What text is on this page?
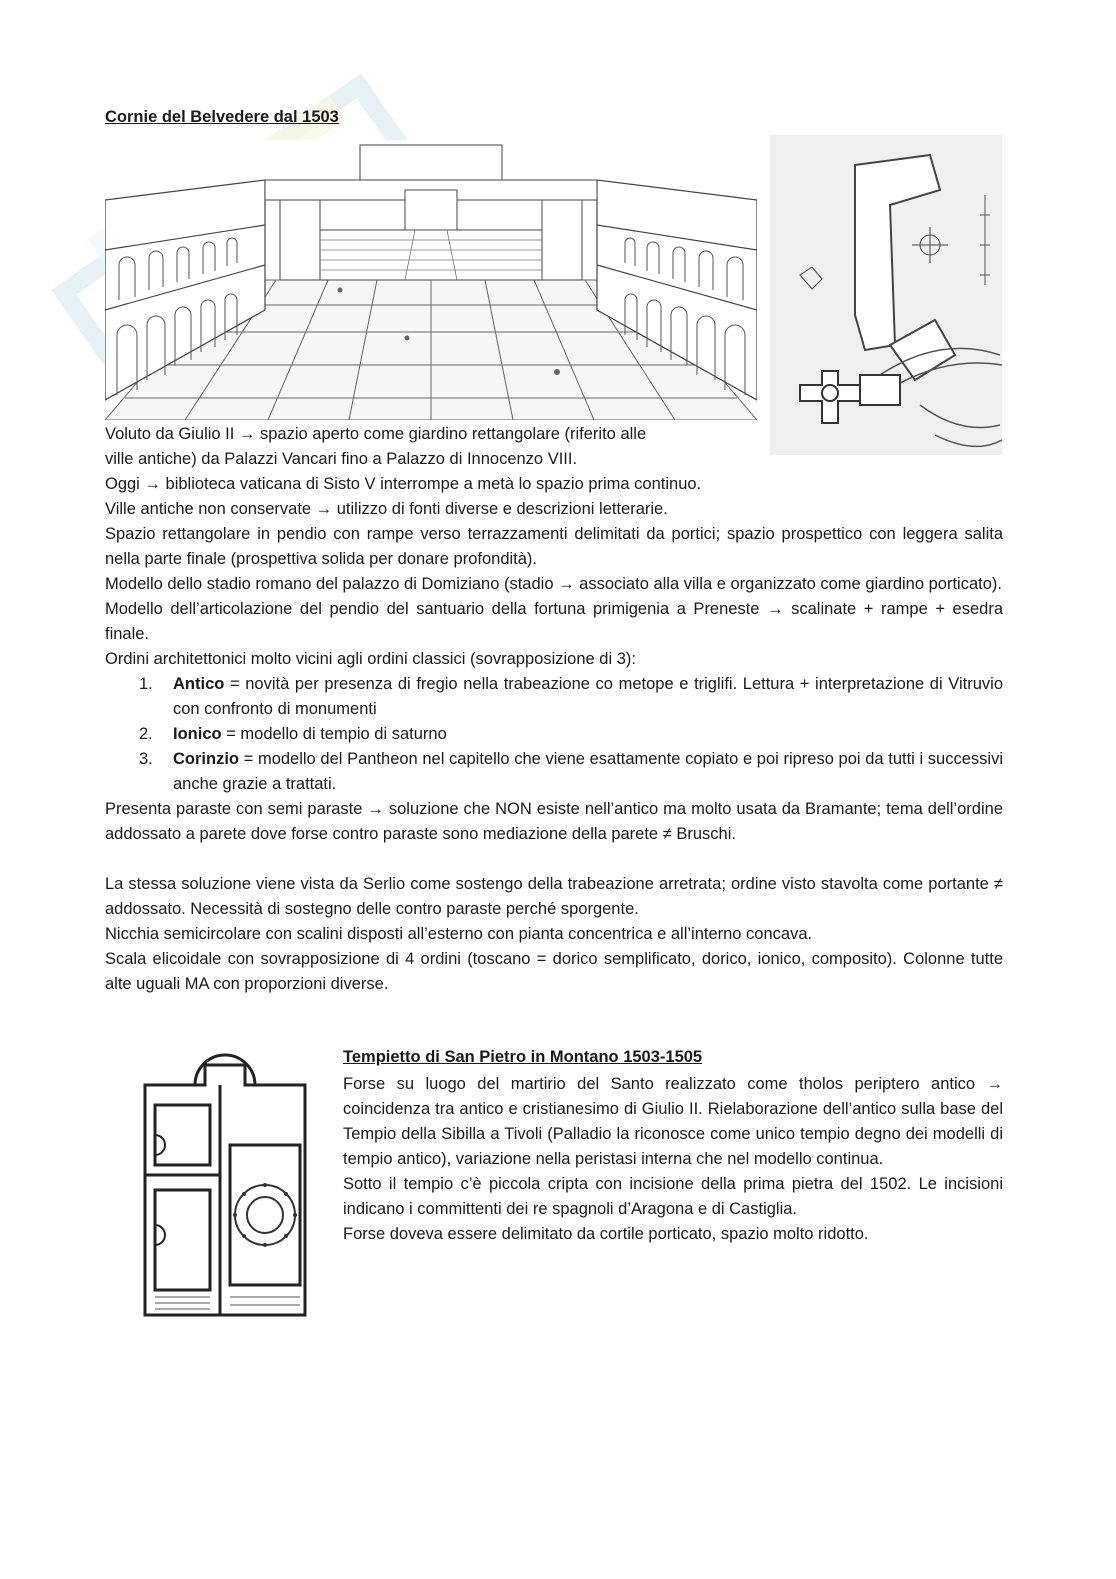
Cornie del Belvedere dal 1503
Voluto da Giulio II → spazio aperto come giardino rettangolare (riferito alle
ville antiche) da Palazzi Vancari fino a Palazzo di Innocenzo VIII.

Oggi → biblioteca vaticana di Sisto V interrompe a metà lo spazio prima continuo.

Ville antiche non conservate → utilizzo di fonti diverse e descrizioni letterarie.

Spazio rettangolare in pendio con rampe verso terrazzamenti delimitati da portici; spazio prospettico con leggera salita nella parte finale (prospettiva solida per donare profondità).

Modello dello stadio romano del palazzo di Domiziano (stadio → associato alla villa e organizzato come giardino porticato).

Modello dell’articolazione del pendio del santuario della fortuna primigenia a Preneste → scalinate + rampe + esedra finale.

Ordini architettonici molto vicini agli ordini classici (sovrapposizione di 3):

1. Antico = novità per presenza di fregio nella trabeazione co metope e triglifi. Lettura + interpretazione di Vitruvio con confronto di monumenti
2. Ionico = modello di tempio di saturno
3. Corinzio = modello del Pantheon nel capitello che viene esattamente copiato e poi ripreso poi da tutti i successivi anche grazie a trattati.

Presenta paraste con semi paraste → soluzione che NON esiste nell’antico ma molto usata da Bramante; tema dell’ordine addossato a parete dove forse contro paraste sono mediazione della parete ≠ Bruschi.

La stessa soluzione viene vista da Serlio come sostengo della trabeazione arretrata; ordine visto stavolta come portante ≠ addossato. Necessità di sostegno delle contro paraste perché sporgente.

Nicchia semicircolare con scalini disposti all’esterno con pianta concentrica e all’interno concava.

Scala elicoidale con sovrapposizione di 4 ordini (toscano = dorico semplificato, dorico, ionico, composito). Colonne tutte alte uguali MA con proporzioni diverse.

Tempietto di San Pietro in Montano 1503-1505

Forse su luogo del martirio del Santo realizzato come tholos periptero antico → coincidenza tra antico e cristianesimo di Giulio II. Rielaborazione dell’antico sulla base del Tempio della Sibilla a Tivoli (Palladio la riconosce come unico tempio degno dei modelli di tempio antico), variazione nella peristasi interna che nel modello continua.

Sotto il tempio c’è piccola cripta con incisione della prima pietra del 1502. Le incisioni indicano i committenti dei re spagnoli d’Aragona e di Castiglia.

Forse doveva essere delimitato da cortile porticato, spazio molto ridotto.
